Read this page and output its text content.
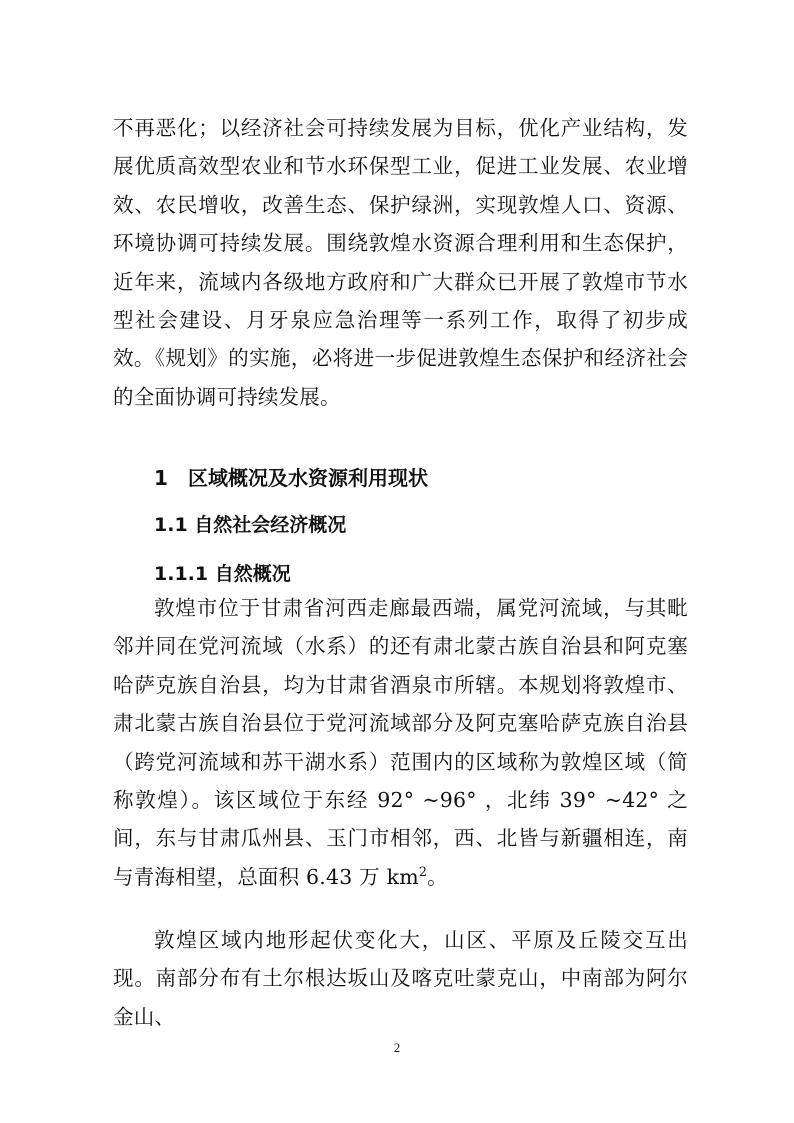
不再恶化；以经济社会可持续发展为目标，优化产业结构，发展优质高效型农业和节水环保型工业，促进工业发展、农业增效、农民增收，改善生态、保护绿洲，实现敦煌人口、资源、环境协调可持续发展。围绕敦煌水资源合理利用和生态保护，近年来，流域内各级地方政府和广大群众已开展了敦煌市节水型社会建设、月牙泉应急治理等一系列工作，取得了初步成效。《规划》的实施，必将进一步促进敦煌生态保护和经济社会的全面协调可持续发展。
1 区域概况及水资源利用现状
1.1 自然社会经济概况
1.1.1 自然概况
敦煌市位于甘肃省河西走廊最西端，属党河流域，与其毗邻并同在党河流域（水系）的还有肃北蒙古族自治县和阿克塞哈萨克族自治县，均为甘肃省酒泉市所辖。本规划将敦煌市、肃北蒙古族自治县位于党河流域部分及阿克塞哈萨克族自治县（跨党河流域和苏干湖水系）范围内的区域称为敦煌区域（简称敦煌）。该区域位于东经 92° ~96° ，北纬 39° ~42° 之间，东与甘肃瓜州县、玉门市相邻，西、北皆与新疆相连，南与青海相望，总面积 6.43 万 $km^2$。
敦煌区域内地形起伏变化大，山区、平原及丘陵交互出现。南部分布有土尔根达坂山及喀克吐蒙克山，中南部为阿尔金山、
2
